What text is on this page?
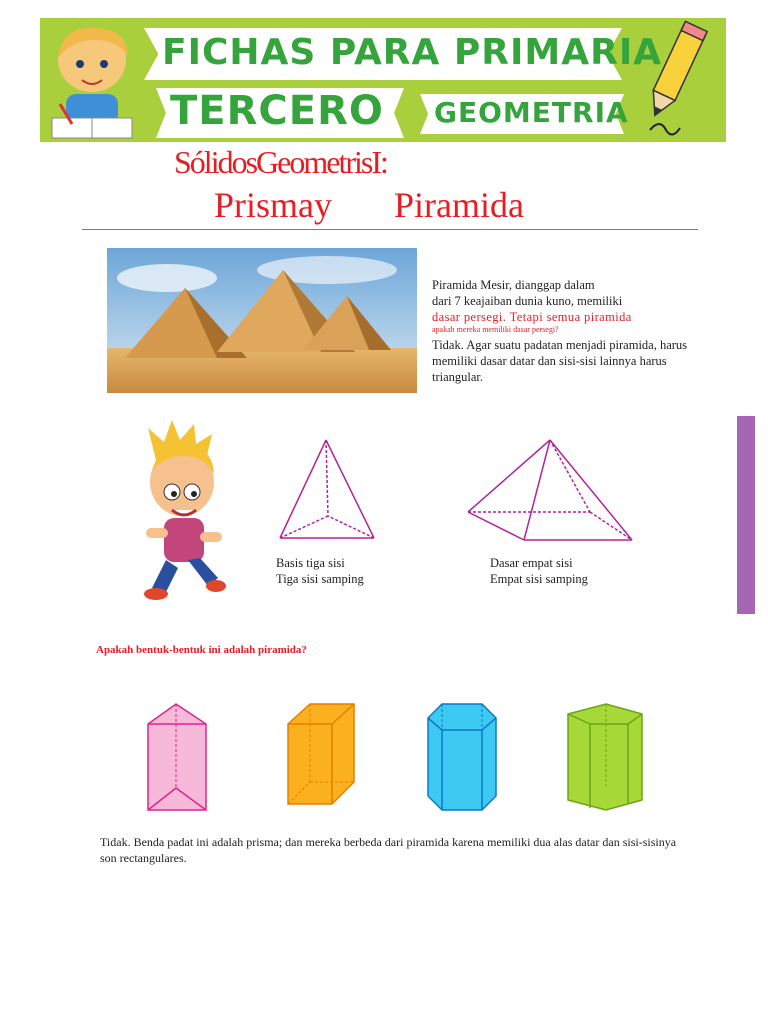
FICHAS PARA PRIMARIA
TERCERO GEOMETRIA
SólidosGeometrisI:
Prismay Piramida
Piramida Mesir, dianggap dalam
dari 7 keajaiban dunia kuno, memiliki
dasar persegi. Tetapi semua piramida
apakah mereka memiliki dasar persegi?
Tidak. Agar suatu padatan menjadi piramida, harus memiliki dasar datar dan sisi-sisi lainnya harus triangular.
Basis tiga sisi
Tiga sisi samping
Dasar empat sisi
Empat sisi samping
Apakah bentuk-bentuk ini adalah piramida?
Tidak. Benda padat ini adalah prisma; dan mereka berbeda dari piramida karena memiliki dua alas datar dan sisi-sisinya
son rectangulares.
